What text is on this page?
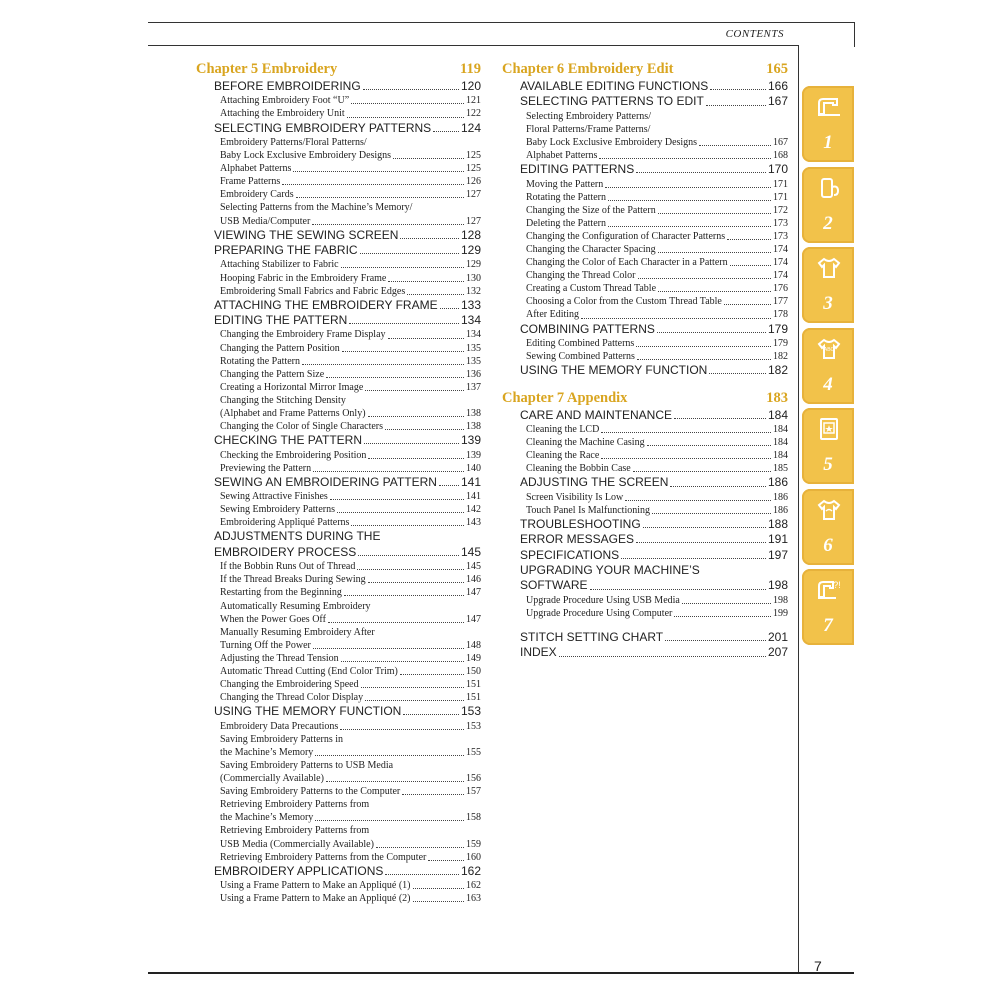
CONTENTS
Chapter 5 Embroidery	119
BEFORE EMBROIDERING	120
Attaching Embroidery Foot “U”	121
Attaching the Embroidery Unit	122
SELECTING EMBROIDERY PATTERNS 124
Embroidery Patterns/Floral Patterns/
Baby Lock Exclusive Embroidery Designs	125
Alphabet Patterns	125
Frame Patterns	126
Embroidery Cards	127
Selecting Patterns from the Machine’s Memory/
USB Media/Computer	127
VIEWING THE SEWING SCREEN	128
PREPARING THE FABRIC	129
Attaching Stabilizer to Fabric	129
Hooping Fabric in the Embroidery Frame	130
Embroidering Small Fabrics and Fabric Edges	132
ATTACHING THE EMBROIDERY FRAME 133
EDITING THE PATTERN	134
Changing the Embroidery Frame Display	134
Changing the Pattern Position	135
Rotating the Pattern	135
Changing the Pattern Size	136
Creating a Horizontal Mirror Image	137
Changing the Stitching Density
(Alphabet and Frame Patterns Only)	138
Changing the Color of Single Characters	138
CHECKING THE PATTERN	139
Checking the Embroidering Position	139
Previewing the Pattern	140
SEWING AN EMBROIDERING PATTERN 141
Sewing Attractive Finishes	141
Sewing Embroidery Patterns	142
Embroidering Appliqué Patterns	143
ADJUSTMENTS DURING THE
EMBROIDERY PROCESS	145
If the Bobbin Runs Out of Thread	145
If the Thread Breaks During Sewing	146
Restarting from the Beginning	147
Automatically Resuming Embroidery
When the Power Goes Off	147
Manually Resuming Embroidery After
Turning Off the Power	148
Adjusting the Thread Tension	149
Automatic Thread Cutting (End Color Trim)	150
Changing the Embroidering Speed	151
Changing the Thread Color Display	151
USING THE MEMORY FUNCTION	153
Embroidery Data Precautions	153
Saving Embroidery Patterns in
the Machine’s Memory	155
Saving Embroidery Patterns to USB Media
(Commercially Available)	156
Saving Embroidery Patterns to the Computer	157
Retrieving Embroidery Patterns from
the Machine’s Memory	158
Retrieving Embroidery Patterns from
USB Media (Commercially Available)	159
Retrieving Embroidery Patterns from the Computer	160
EMBROIDERY APPLICATIONS	162
Using a Frame Pattern to Make an Appliqué (1)	162
Using a Frame Pattern to Make an Appliqué (2)	163
Chapter 6 Embroidery Edit	165
AVAILABLE EDITING FUNCTIONS	166
SELECTING PATTERNS TO EDIT	167
Selecting Embroidery Patterns/
Floral Patterns/Frame Patterns/
Baby Lock Exclusive Embroidery Designs	167
Alphabet Patterns	168
EDITING PATTERNS	170
Moving the Pattern	171
Rotating the Pattern	171
Changing the Size of the Pattern	172
Deleting the Pattern	173
Changing the Configuration of Character Patterns	173
Changing the Character Spacing	174
Changing the Color of Each Character in a Pattern	174
Changing the Thread Color	174
Creating a Custom Thread Table	176
Choosing a Color from the Custom Thread Table	177
After Editing	178
COMBINING PATTERNS	179
Editing Combined Patterns	179
Sewing Combined Patterns	182
USING THE MEMORY FUNCTION	182
Chapter 7 Appendix	183
CARE AND MAINTENANCE	184
Cleaning the LCD	184
Cleaning the Machine Casing	184
Cleaning the Race	184
Cleaning the Bobbin Case	185
ADJUSTING THE SCREEN	186
Screen Visibility Is Low	186
Touch Panel Is Malfunctioning	186
TROUBLESHOOTING	188
ERROR MESSAGES	191
SPECIFICATIONS	197
UPGRADING YOUR MACHINE’S
SOFTWARE	198
Upgrade Procedure Using USB Media	198
Upgrade Procedure Using Computer	199
STITCH SETTING CHART	201
INDEX	207
1
2
3
ABC
4
5
6
?!
7
7
